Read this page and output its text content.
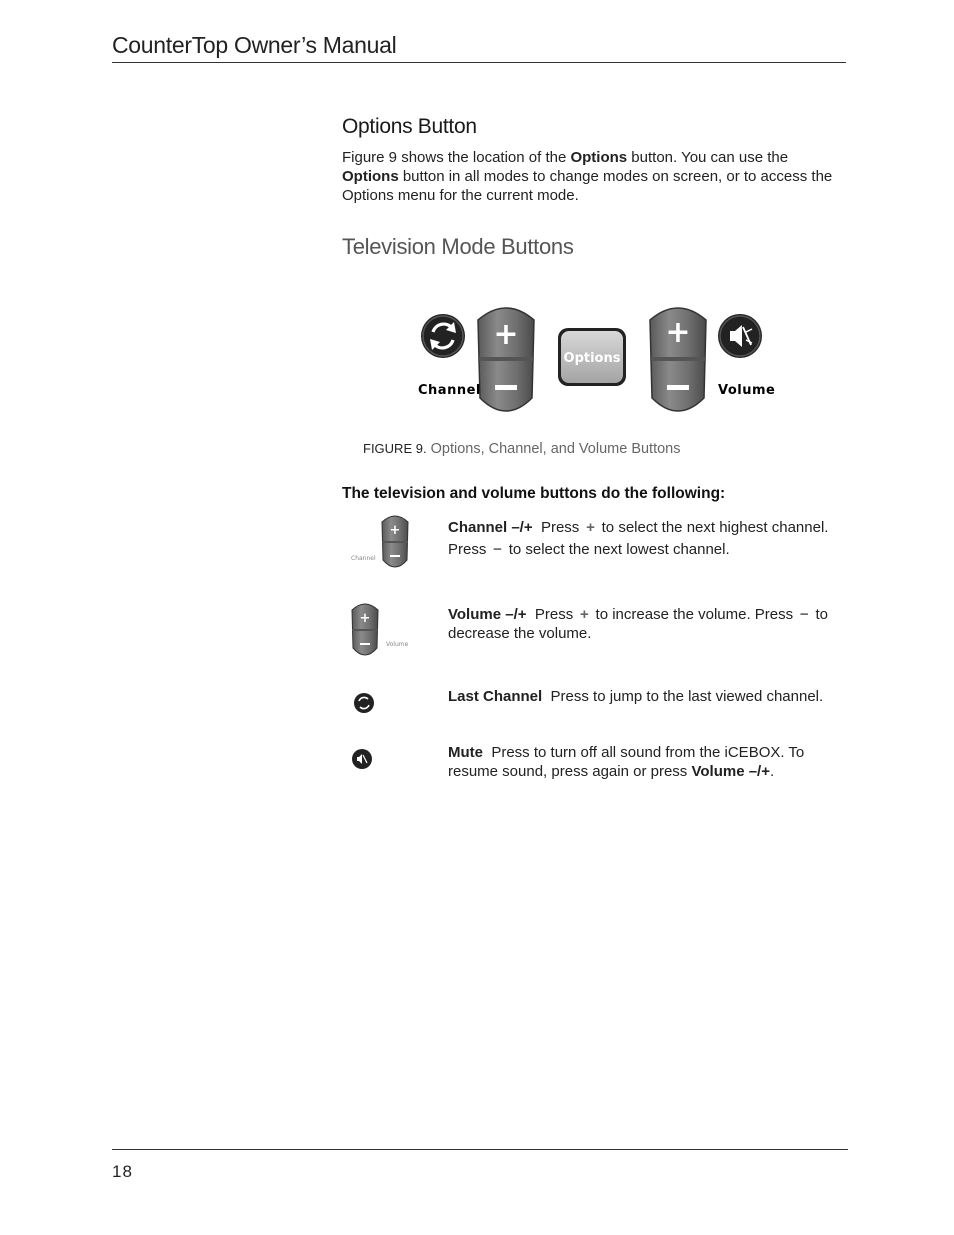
CounterTop Owner’s Manual
Options Button
Figure 9 shows the location of the Options button. You can use the
Options button in all modes to change modes on screen, or to access the
Options menu for the current mode.
Television Mode Buttons
+
Channel
Options
+
Volume
FIGURE 9. Options, Channel, and Volume Buttons
The television and volume buttons do the following:
+
Channel
Channel –/+ Press + to select the next highest channel.
Press − to select the next lowest channel.
+
Volume
Volume –/+ Press + to increase the volume. Press − to
decrease the volume.
Last Channel Press to jump to the last viewed channel.
Mute Press to turn off all sound from the iCEBOX. To
resume sound, press again or press Volume –/+.
18
